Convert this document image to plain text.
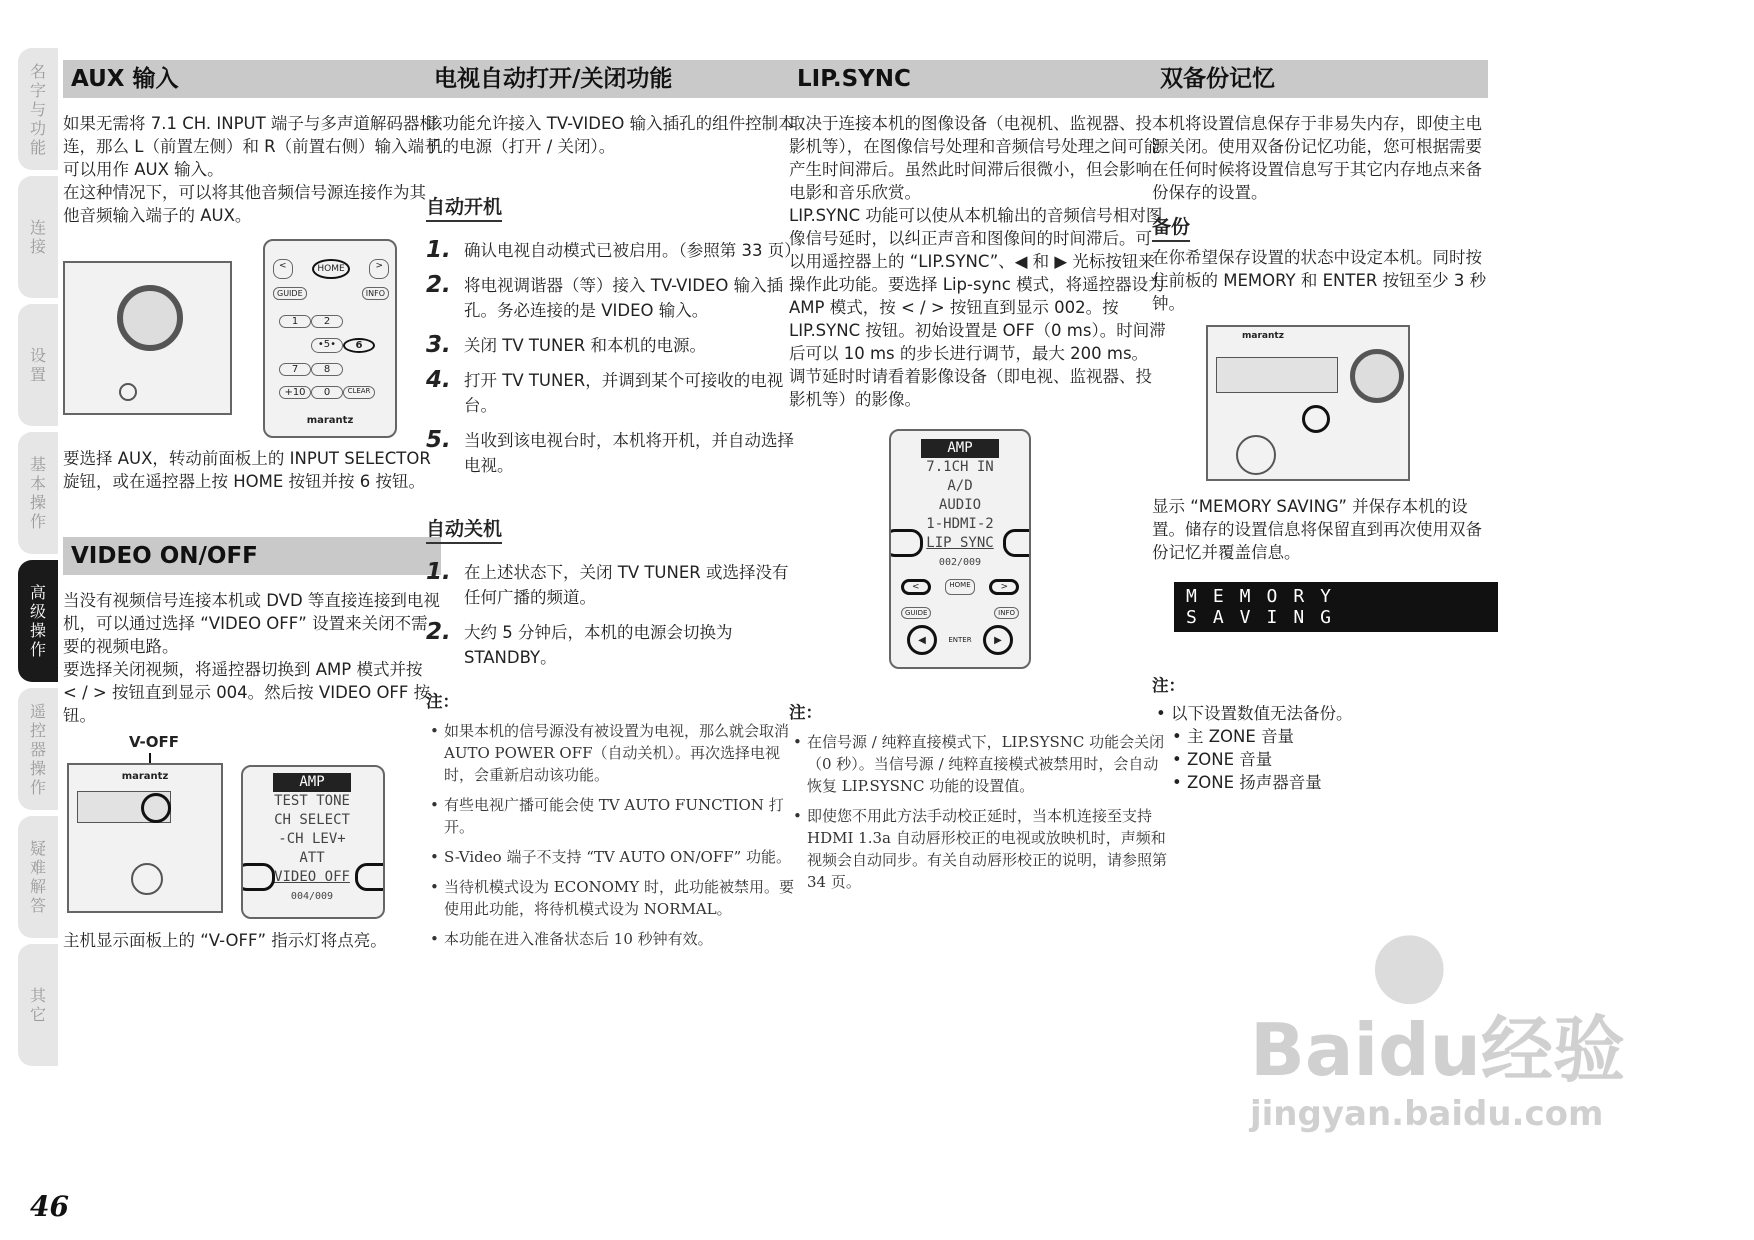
名字与功能
连接
设置
基本操作
高级操作
遥控器操作
疑难解答
其它
46
AUX 输入

如果无需将 7.1 CH. INPUT 端子与多声道解码器相连，那么 L（前置左侧）和 R（前置右侧）输入端子可以用作 AUX 输入。

在这种情况下，可以将其他音频信号源连接作为其他音频输入端子的 AUX。

<	HOME	>
GUIDE	INFO
1	2
•5•	6
7	8
+10	0	CLEAR
marantz

要选择 AUX，转动前面板上的 INPUT SELECTOR 旋钮，或在遥控器上按 HOME 按钮并按 6 按钮。

VIDEO ON/OFF

当没有视频信号连接本机或 DVD 等直接连接到电视机，可以通过选择 “VIDEO OFF” 设置来关闭不需要的视频电路。

要选择关闭视频，将遥控器切换到 AMP 模式并按 < / > 按钮直到显示 004。然后按 VIDEO OFF 按钮。

V-OFF
marantz	AMP
TEST TONE
CH SELECT
-CH LEV+
ATT
VIDEO OFF
004/009

主机显示面板上的 “V-OFF” 指示灯将点亮。

电视自动打开/关闭功能

该功能允许接入 TV-VIDEO 输入插孔的组件控制本机的电源（打开 / 关闭）。

自动开机
1. 确认电视自动模式已被启用。（参照第 33 页）
2. 将电视调谐器（等）接入 TV-VIDEO 输入插孔。务必连接的是 VIDEO 输入。
3. 关闭 TV TUNER 和本机的电源。
4. 打开 TV TUNER，并调到某个可接收的电视台。
5. 当收到该电视台时，本机将开机，并自动选择电视。
自动关机
1. 在上述状态下，关闭 TV TUNER 或选择没有任何广播的频道。
2. 大约 5 分钟后，本机的电源会切换为 STANDBY。
注：
• 如果本机的信号源没有被设置为电视，那么就会取消 AUTO POWER OFF（自动关机）。再次选择电视时，会重新启动该功能。
• 有些电视广播可能会使 TV AUTO FUNCTION 打开。
• S-Video 端子不支持 “TV AUTO ON/OFF” 功能。
• 当待机模式设为 ECONOMY 时，此功能被禁用。要使用此功能，将待机模式设为 NORMAL。
• 本功能在进入准备状态后 10 秒钟有效。
LIP.SYNC

取决于连接本机的图像设备（电视机、监视器、投影机等），在图像信号处理和音频信号处理之间可能产生时间滞后。虽然此时间滞后很微小，但会影响电影和音乐欣赏。

LIP.SYNC 功能可以使从本机输出的音频信号相对图像信号延时，以纠正声音和图像间的时间滞后。可以用遥控器上的 “LIP.SYNC”、◀ 和 ▶ 光标按钮来操作此功能。要选择 Lip-sync 模式，将遥控器设为 AMP 模式，按 < / > 按钮直到显示 002。按 LIP.SYNC 按钮。初始设置是 OFF（0 ms）。时间滞后可以 10 ms 的步长进行调节，最大 200 ms。

调节延时时请看着影像设备（即电视、监视器、投影机等）的影像。

AMP
7.1CH IN
A/D
AUDIO
1-HDMI-2
LIP SYNC
002/009
<	HOME	>
GUIDE	INFO
◀	ENTER	▶
注：
• 在信号源 / 纯粹直接模式下，LIP.SYSNC 功能会关闭（0 秒）。当信号源 / 纯粹直接模式被禁用时，会自动恢复 LIP.SYSNC 功能的设置值。
• 即使您不用此方法手动校正延时，当本机连接至支持 HDMI 1.3a 自动唇形校正的电视或放映机时，声频和视频会自动同步。有关自动唇形校正的说明，请参照第 34 页。
双备份记忆

本机将设置信息保存于非易失内存，即使主电源关闭。使用双备份记忆功能，您可根据需要在任何时候将设置信息写于其它内存地点来备份保存的设置。

备份

在你希望保存设置的状态中设定本机。同时按住前板的 MEMORY 和 ENTER 按钮至少 3 秒钟。

marantz

显示 “MEMORY SAVING” 并保存本机的设置。储存的设置信息将保留直到再次使用双备份记忆并覆盖信息。

MEMORY SAVING
注：
• 以下设置数值无法备份。
• 主 ZONE 音量
• ZONE 音量
• ZONE 扬声器音量
●
Baidu经验
jingyan.baidu.com
